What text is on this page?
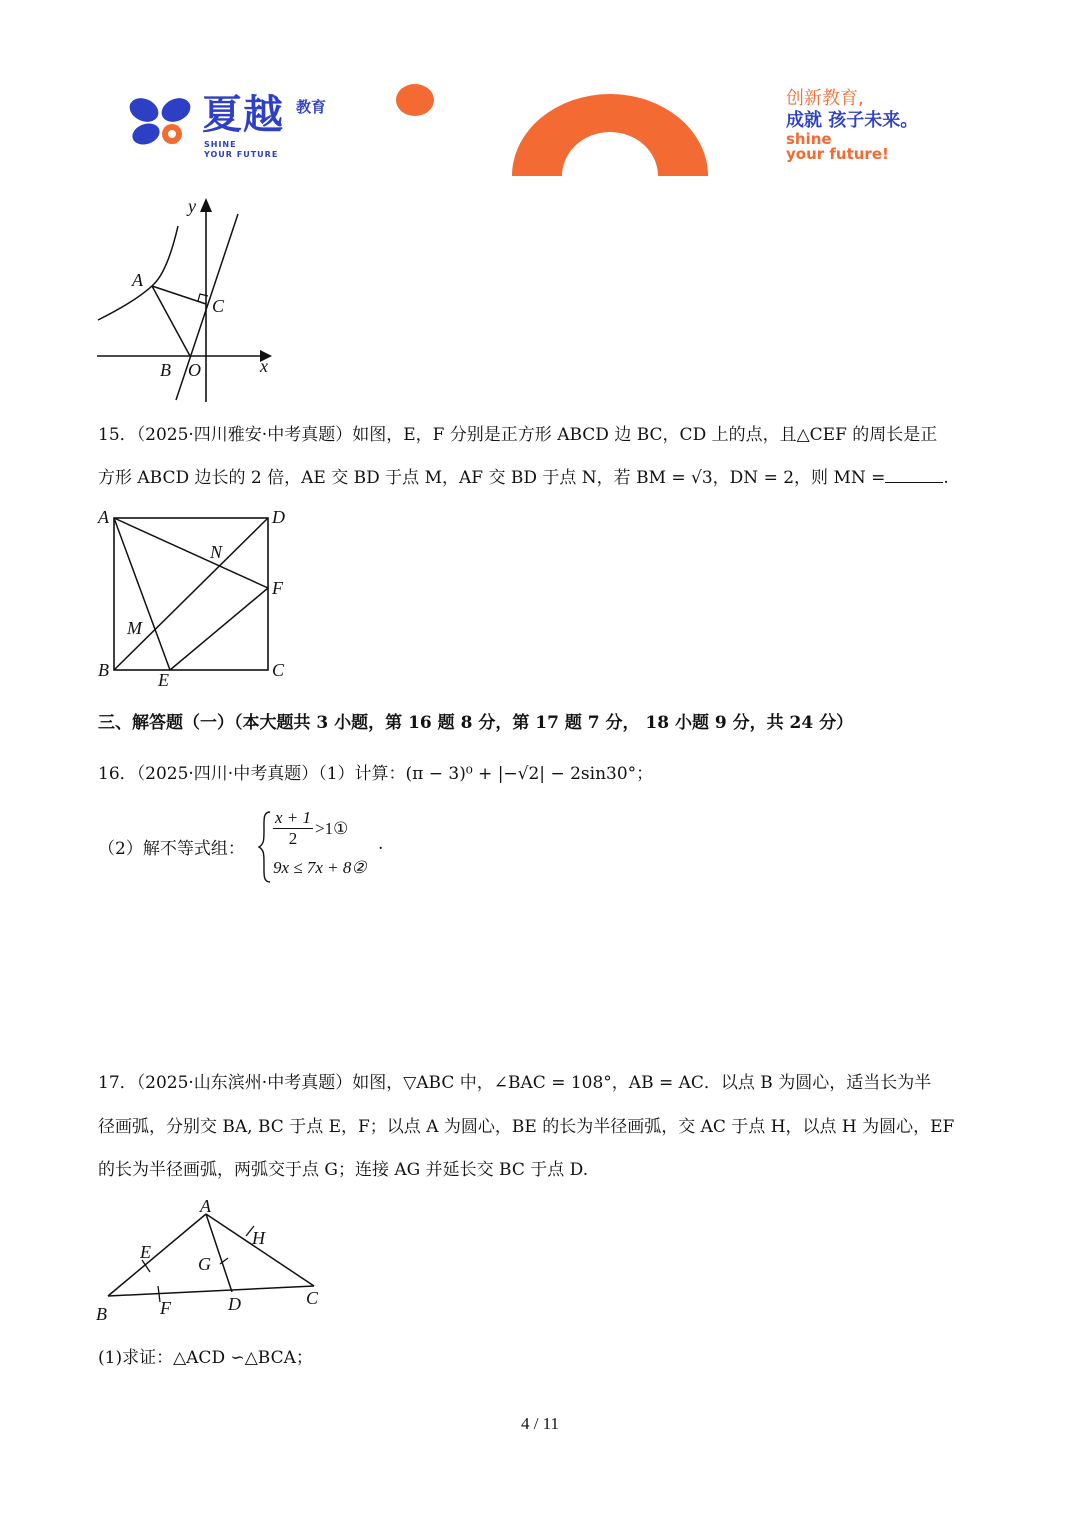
夏越 教育
SHINE
YOUR FUTURE
创新教育,
成就 孩子未来。
shine
your future!
y
A
C
B O	x
15．（2025·四川雅安·中考真题）如图，E，F 分别是正方形 ABCD 边 BC，CD 上的点，且△CEF 的周长是正
方形 ABCD 边长的 2 倍，AE 交 BD 于点 M，AF 交 BD 于点 N，若 BM = √3，DN = 2，则 MN =	.
A	D
N
F
M
B	E	C
三、解答题（一）（本大题共 3 小题，第 16 题 8 分，第 17 题 7 分， 18 小题 9 分，共 24 分）
16．（2025·四川·中考真题）（1）计算：(π − 3)⁰ + |−√2| − 2sin30°；
（2）解不等式组： $\frac{x + 1}{2}$ >1①
9x ≤ 7x + 8②
.
17．（2025·山东滨州·中考真题）如图，▽ABC 中，∠BAC = 108°，AB = AC．以点 B 为圆心，适当长为半
径画弧，分别交 BA, BC 于点 E，F；以点 A 为圆心，BE 的长为半径画弧，交 AC 于点 H，以点 H 为圆心，EF
的长为半径画弧，两弧交于点 G；连接 AG 并延长交 BC 于点 D.
A
E
H
G
B	F	D	C
(1)求证：△ACD ∽△BCA；
4 / 11
